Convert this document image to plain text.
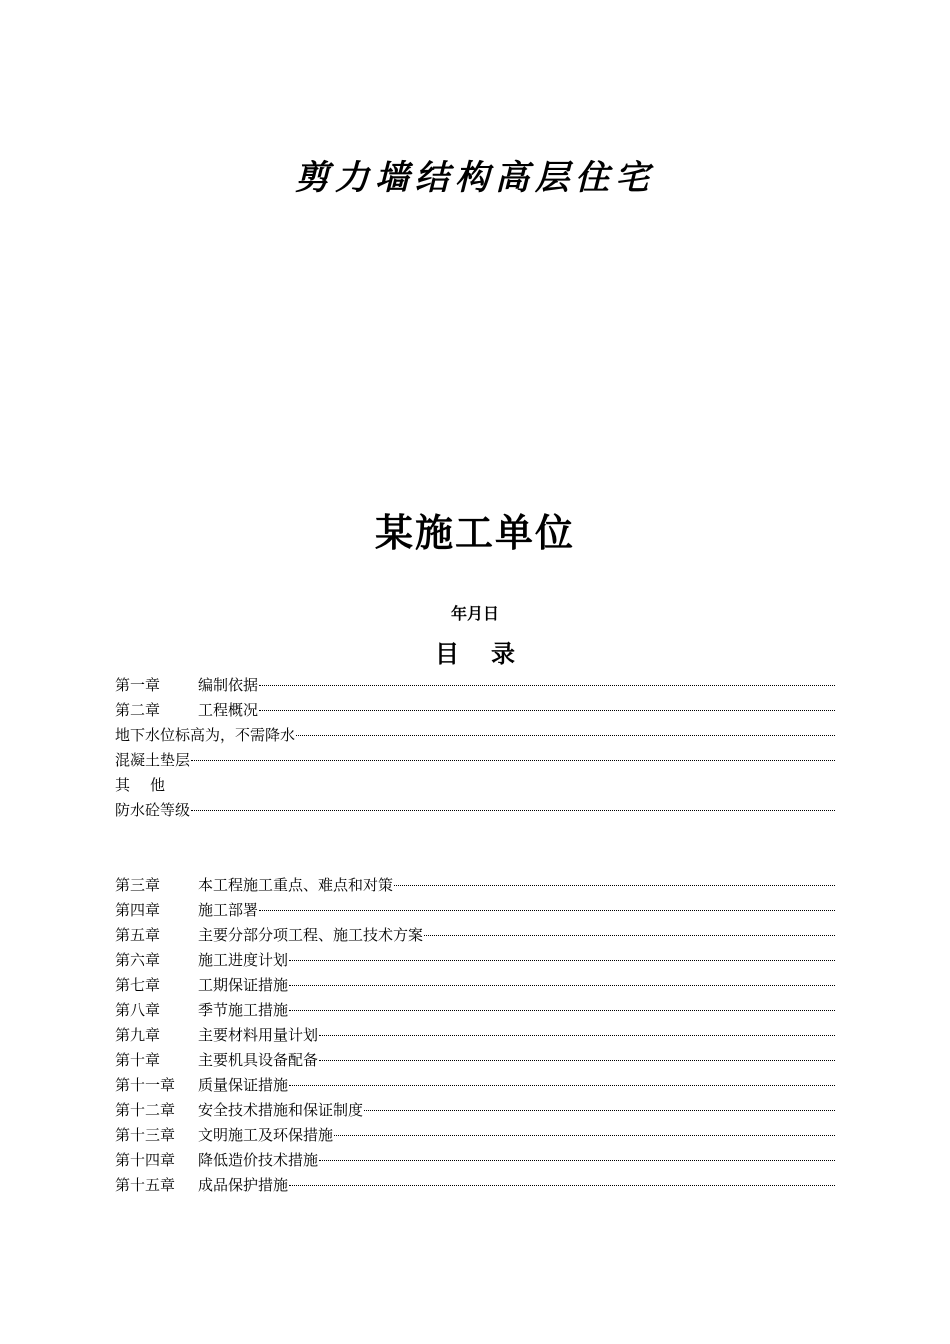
剪力墙结构高层住宅
某施工单位
年月日
目 录
第一章	编制依据
第二章	工程概况
地下水位标高为，不需降水
混凝土垫层
其他
防水砼等级
第三章	本工程施工重点、难点和对策
第四章	施工部署
第五章	主要分部分项工程、施工技术方案
第六章	施工进度计划
第七章	工期保证措施
第八章	季节施工措施
第九章	主要材料用量计划
第十章	主要机具设备配备
第十一章	质量保证措施
第十二章	安全技术措施和保证制度
第十三章	文明施工及环保措施
第十四章	降低造价技术措施
第十五章	成品保护措施
